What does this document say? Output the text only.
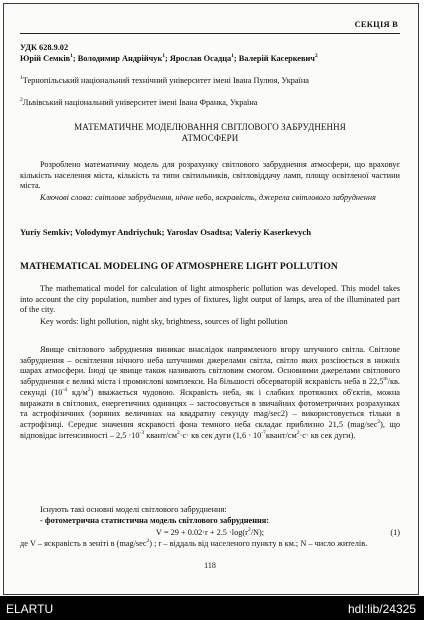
СЕКЦІЯ В
УДК 628.9.02
Юрій Семків$^1$; Володимир Андрійчук$^1$; Ярослав Осадца$^1$; Валерій Касеркевич$^2$
$^1$Тернопільський національний технічний університет імені Івана Пулюя, Україна
$^2$Львівський національний університет імені Івана Франка, Україна
МАТЕМАТИЧНЕ МОДЕЛЮВАННЯ СВІТЛОВОГО ЗАБРУДНЕННЯ АТМОСФЕРИ
Розроблено математичну модель для розрахунку світлового забруднення атмосфери, що враховує кількість населення міста, кількість та типи світильників, світловіддачу ламп, площу освітленої частини міста.
Ключові слова: світлове забруднення, нічне небо, яскравість, джерела світлового забруднення
Yuriy Semkiv; Volodymyr Andriychuk; Yaroslav Osadtsa; Valeriy Kaserkevych
MATHEMATICAL MODELING OF ATMOSPHERE LIGHT POLLUTION
The mathematical model for calculation of light atmospheric pollution was developed. This model takes into account the city population, number and types of fixtures, light output of lamps, area of the illuminated part of the city.
Key words: light pollution, night sky, brightness, sources of light pollution
Явище світлового забруднення виникає внаслідок напрямленого вгору штучного світла. Світлове забруднення – освітлення нічного неба штучними джерелами світла, світло яких розсіюється в нижніх шарах атмосфери. Іноді це явище також називають світловим смогом. Основними джерелами світлового забруднення є великі міста і промислові комплекси. На більшості обсерваторій яскравість неба в 22,5$^m$/кв. секунді ($10^{-4}$ $кд/м^2$) вважається чудовою. Яскравість неба, як і слабких протяжних об'єктів, можна виражати в світлових, енергетичних одиницях – застосовується в звичайних фотометричних розрахунках та астрофізичних (зоряних величинах на квадратну секунду mag/sec2) – використовується тільки в астрофізиці. Середнє значення яскравості фона темного неба складає приблизно 21,5 $(mag/\sec^2)$, що відповідає інтенсивності – $2,5 \cdot 10^{-3}$ квант/$см^2\cdot с\cdot$ кв сек дуги ($1,6 \cdot 10^{-7}квант/см^2\cdot с\cdot$ кв сек дуги).
Існують такі основні моделі світлового забруднення:
- фотометрична статистична модель світлового забруднення:
$V = 29 + 0.02\cdot r + 2.5 \cdot\log(r^2/N)$;	(1)
де V – яскравість в зеніті в $(mag/\sec^2)$ ; r – віддаль від населеного пункту в км.; N – число жителів.
118
ELARTU	hdl:lib/24325
